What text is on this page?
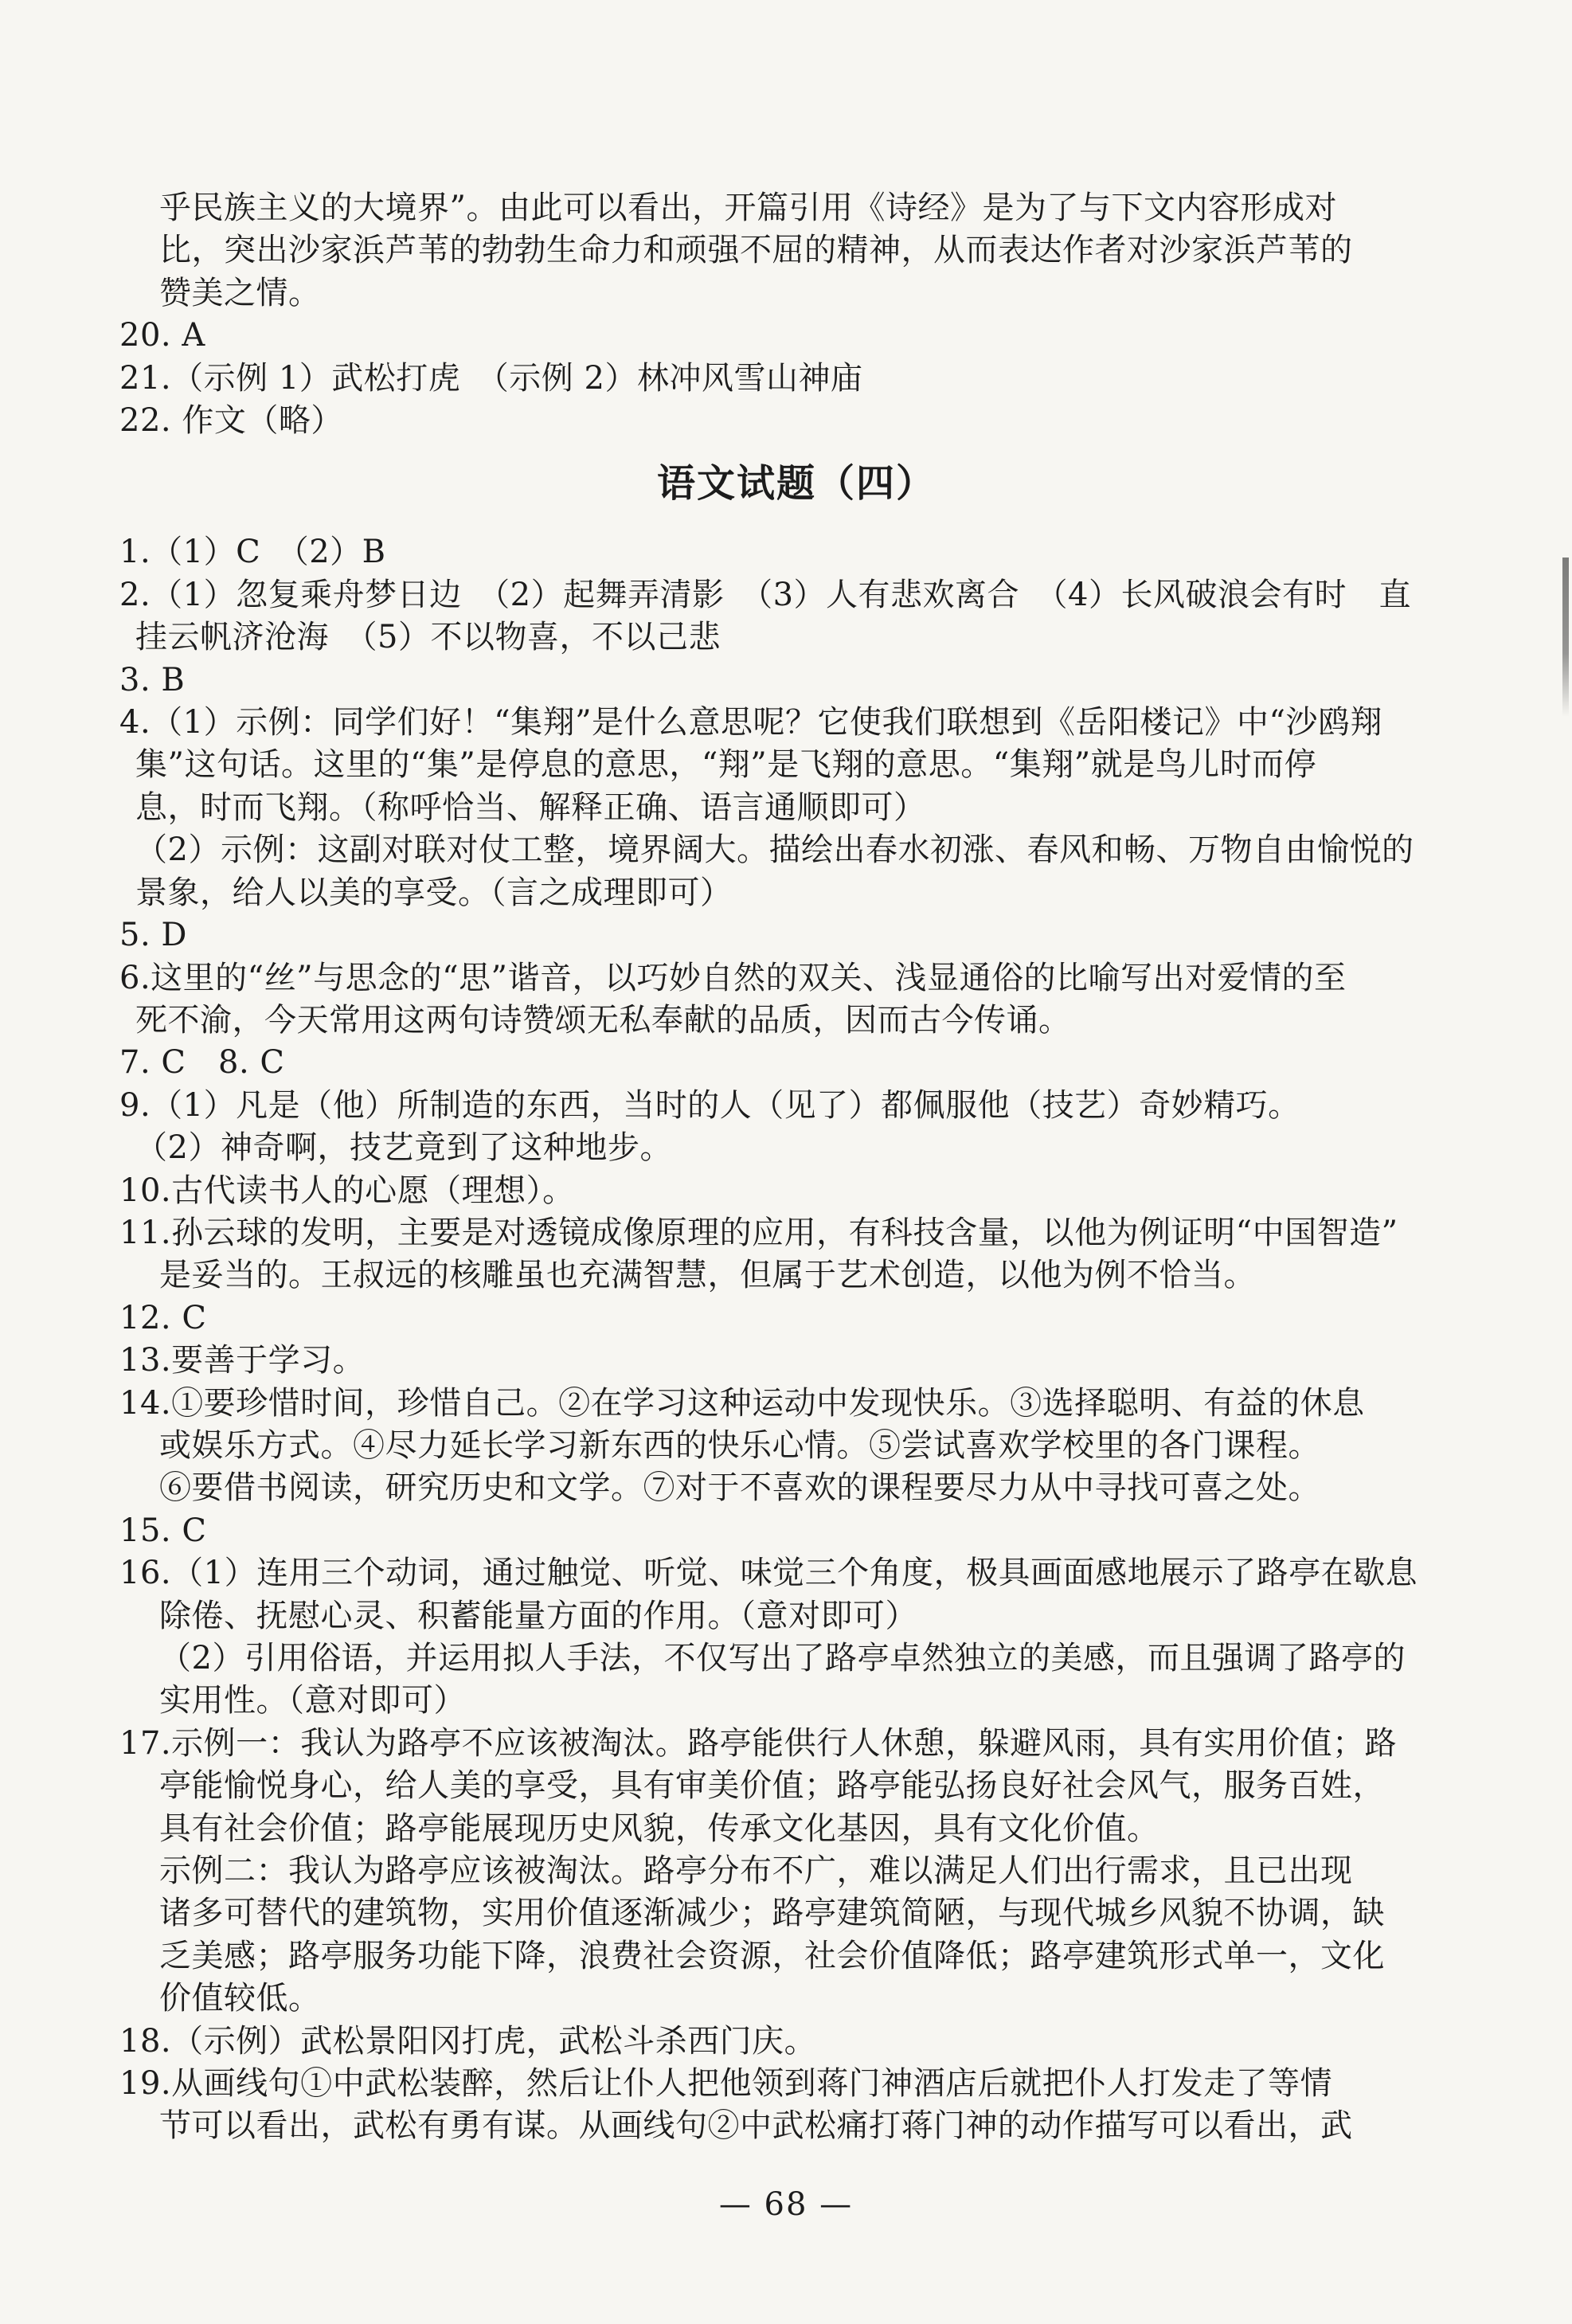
乎民族主义的大境界”。由此可以看出，开篇引用《诗经》是为了与下文内容形成对

比，突出沙家浜芦苇的勃勃生命力和顽强不屈的精神，从而表达作者对沙家浜芦苇的

赞美之情。

20. A

21.（示例 1）武松打虎　（示例 2）林冲风雪山神庙

22. 作文（略）

语文试题（四）

1.（1）C　（2）B

2.（1）忽复乘舟梦日边　（2）起舞弄清影　（3）人有悲欢离合　（4）长风破浪会有时　直

挂云帆济沧海　（5）不以物喜，不以己悲

3. B

4.（1）示例：同学们好！“集翔”是什么意思呢？它使我们联想到《岳阳楼记》中“沙鸥翔

集”这句话。这里的“集”是停息的意思，“翔”是飞翔的意思。“集翔”就是鸟儿时而停

息，时而飞翔。（称呼恰当、解释正确、语言通顺即可）

（2）示例：这副对联对仗工整，境界阔大。描绘出春水初涨、春风和畅、万物自由愉悦的

景象，给人以美的享受。（言之成理即可）

5. D

6.这里的“丝”与思念的“思”谐音，以巧妙自然的双关、浅显通俗的比喻写出对爱情的至

死不渝，今天常用这两句诗赞颂无私奉献的品质，因而古今传诵。

7. C　8. C

9.（1）凡是（他）所制造的东西，当时的人（见了）都佩服他（技艺）奇妙精巧。

（2）神奇啊，技艺竟到了这种地步。

10.古代读书人的心愿（理想）。

11.孙云球的发明，主要是对透镜成像原理的应用，有科技含量，以他为例证明“中国智造”

是妥当的。王叔远的核雕虽也充满智慧，但属于艺术创造，以他为例不恰当。

12. C

13.要善于学习。

14.①要珍惜时间，珍惜自己。②在学习这种运动中发现快乐。③选择聪明、有益的休息

或娱乐方式。④尽力延长学习新东西的快乐心情。⑤尝试喜欢学校里的各门课程。

⑥要借书阅读，研究历史和文学。⑦对于不喜欢的课程要尽力从中寻找可喜之处。

15. C

16.（1）连用三个动词，通过触觉、听觉、味觉三个角度，极具画面感地展示了路亭在歇息

除倦、抚慰心灵、积蓄能量方面的作用。（意对即可）

（2）引用俗语，并运用拟人手法，不仅写出了路亭卓然独立的美感，而且强调了路亭的

实用性。（意对即可）

17.示例一：我认为路亭不应该被淘汰。路亭能供行人休憩，躲避风雨，具有实用价值；路

亭能愉悦身心，给人美的享受，具有审美价值；路亭能弘扬良好社会风气，服务百姓，

具有社会价值；路亭能展现历史风貌，传承文化基因，具有文化价值。

示例二：我认为路亭应该被淘汰。路亭分布不广，难以满足人们出行需求，且已出现

诸多可替代的建筑物，实用价值逐渐减少；路亭建筑简陋，与现代城乡风貌不协调，缺

乏美感；路亭服务功能下降，浪费社会资源，社会价值降低；路亭建筑形式单一，文化

价值较低。

18.（示例）武松景阳冈打虎，武松斗杀西门庆。

19.从画线句①中武松装醉，然后让仆人把他领到蒋门神酒店后就把仆人打发走了等情

节可以看出，武松有勇有谋。从画线句②中武松痛打蒋门神的动作描写可以看出，武

— 68 —
